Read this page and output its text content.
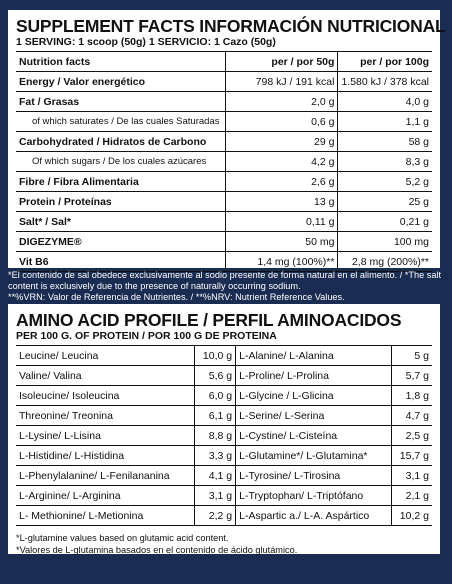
SUPPLEMENT FACTS INFORMACIÓN NUTRICIONAL
1 SERVING: 1 scoop (50g) 1 SERVICIO: 1 Cazo (50g)
Nutrition facts	per / por 50g	per / por 100g
Energy / Valor energético	798 kJ / 191 kcal	1.580 kJ / 378 kcal
Fat / Grasas	2,0 g	4,0 g
of which saturates / De las cuales Saturadas	0,6 g	1,1 g
Carbohydrated / Hidratos de Carbono	29 g	58 g
Of which sugars / De los cuales azúcares	4,2 g	8,3 g
Fibre / Fibra Alimentaria	2,6 g	5,2 g
Protein / Proteínas	13 g	25 g
Salt* / Sal*	0,11 g	0,21 g
DIGEZYME®	50 mg	100 mg
Vit B6	1,4 mg (100%)**	2,8 mg (200%)**
*El contenido de sal obedece exclusivamente al sodio presente de forma natural en el alimento. / *The salt content is exclusively due to the presence of naturally occurring sodium.
**%VRN: Valor de Referencia de Nutrientes. / **%NRV: Nutrient Reference Values.
AMINO ACID PROFILE / PERFIL AMINOACIDOS
PER 100 G. OF PROTEIN / POR 100 G DE PROTEINA
Leucine/ Leucina	10,0 g	L-Alanine/ L-Alanina	5 g
Valine/ Valina	5,6 g	L-Proline/ L-Prolina	5,7 g
Isoleucine/ Isoleucina	6,0 g	L-Glycine / L-Glicina	1,8 g
Threonine/ Treonina	6,1 g	L-Serine/ L-Serina	4,7 g
L-Lysine/ L-Lisina	8,8 g	L-Cystine/ L-Cisteína	2,5 g
L-Histidine/ L-Histidina	3,3 g	L-Glutamine*/ L-Glutamina*	15,7 g
L-Phenylalanine/ L-Fenilananina	4,1 g	L-Tyrosine/ L-Tirosina	3,1 g
L-Arginine/ L-Arginina	3,1 g	L-Tryptophan/ L-Triptófano	2,1 g
L- Methionine/ L-Metionina	2,2 g	L-Aspartic a./ L-A. Aspártico	10,2 g
*L-glutamine values based on glutamic acid content.
*Valores de L-glutamina basados en el contenido de ácido glutámico.
